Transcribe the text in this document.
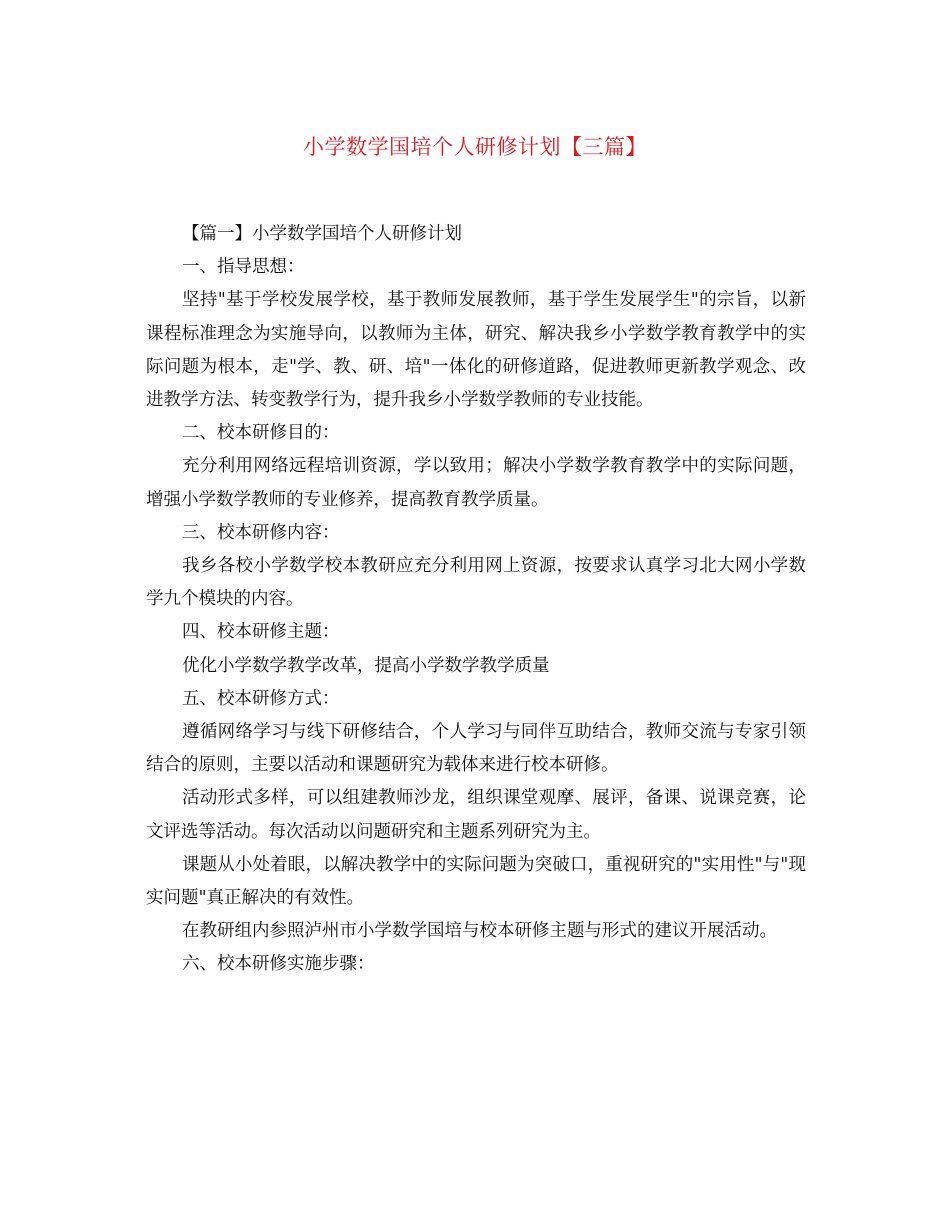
小学数学国培个人研修计划【三篇】

【篇一】小学数学国培个人研修计划

一、指导思想：

坚持"基于学校发展学校，基于教师发展教师，基于学生发展学生"的宗旨，以新课程标准理念为实施导向，以教师为主体，研究、解决我乡小学数学教育教学中的实际问题为根本，走"学、教、研、培"一体化的研修道路，促进教师更新教学观念、改进教学方法、转变教学行为，提升我乡小学数学教师的专业技能。

二、校本研修目的：

充分利用网络远程培训资源，学以致用；解决小学数学教育教学中的实际问题，增强小学数学教师的专业修养，提高教育教学质量。

三、校本研修内容：

我乡各校小学数学校本教研应充分利用网上资源，按要求认真学习北大网小学数学九个模块的内容。

四、校本研修主题：

优化小学数学教学改革，提高小学数学教学质量

五、校本研修方式：

遵循网络学习与线下研修结合，个人学习与同伴互助结合，教师交流与专家引领结合的原则，主要以活动和课题研究为载体来进行校本研修。

活动形式多样，可以组建教师沙龙，组织课堂观摩、展评，备课、说课竞赛，论文评选等活动。每次活动以问题研究和主题系列研究为主。

课题从小处着眼，以解决教学中的实际问题为突破口，重视研究的"实用性"与"现实问题"真正解决的有效性。

在教研组内参照泸州市小学数学国培与校本研修主题与形式的建议开展活动。

六、校本研修实施步骤：
